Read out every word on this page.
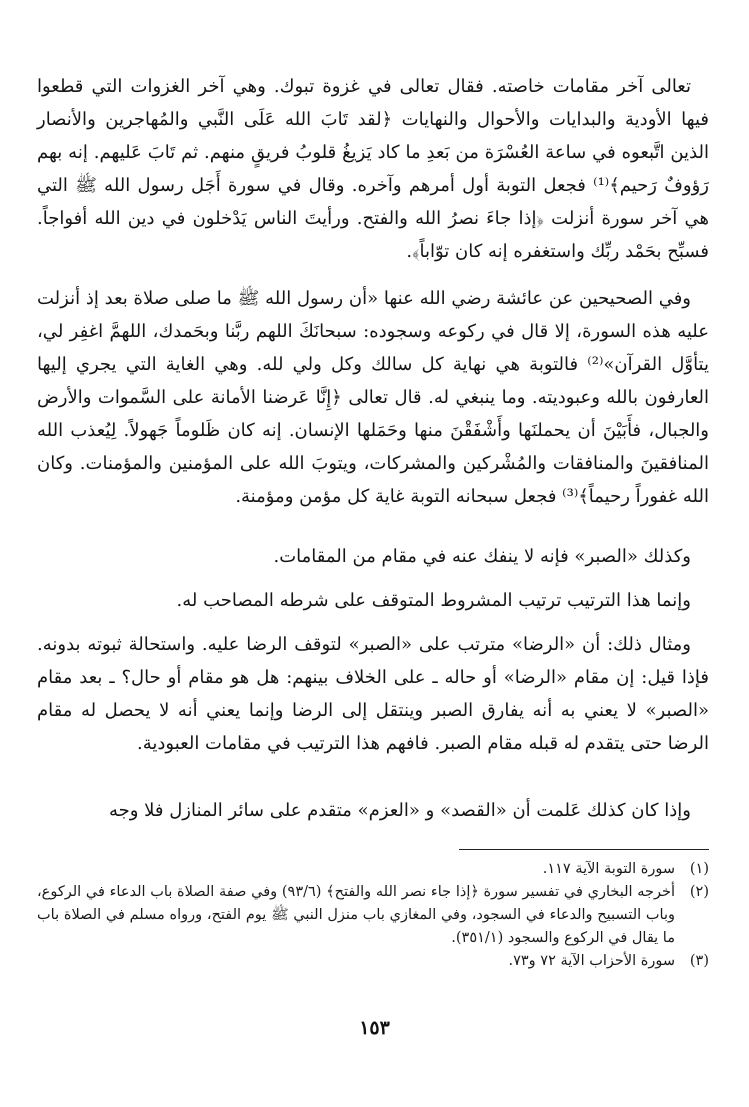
تعالى آخر مقامات خاصته. فقال تعالى في غزوة تبوك. وهي آخر الغزوات التي قطعوا فيها الأودية والبدايات والأحوال والنهايات ﴿لقد تَابَ الله عَلَى النَّبي والمُهاجرين والأنصار الذين اتَّبعوه في ساعة العُسْرَة من بَعدِ ما كاد يَزيغُ قلوبُ فريقٍ منهم. ثم تَابَ عَليهم. إنه بهم رَؤوفٌ رَحيم﴾⁽¹⁾ فجعل التوبة أول أمرهم وآخره. وقال في سورة أَجَل رسول الله ﷺ التي هي آخر سورة أنزلت ﴿إذا جاءَ نصرُ الله والفتح. ورأيتَ الناس يَدْخلون في دين الله أفواجاً. فسبِّح بحَمْد ربِّك واستغفره إنه كان توّاباً﴾.

وفي الصحيحين عن عائشة رضي الله عنها «أن رسول الله ﷺ ما صلى صلاة بعد إذ أنزلت عليه هذه السورة، إلا قال في ركوعه وسجوده: سبحانَكَ اللهم ربَّنا وبحَمدك، اللهمَّ اغفِر لي، يتأوَّل القرآن»⁽²⁾ فالتوبة هي نهاية كل سالك وكل ولي لله. وهي الغاية التي يجري إليها العارفون بالله وعبوديته. وما ينبغي له. قال تعالى ﴿إِنَّا عَرضنا الأمانة على السَّموات والأرض والجبال، فأَبَيْنَ أن يحملنَها وأَشْفَقْنَ منها وحَمَلها الإنسان. إنه كان ظَلوماً جَهولاً. لِيُعذب الله المنافقينَ والمنافقات والمُشْركين والمشركات، ويتوبَ الله على المؤمنين والمؤمنات. وكان الله غفوراً رحيماً﴾⁽³⁾ فجعل سبحانه التوبة غاية كل مؤمن ومؤمنة.

وكذلك «الصبر» فإنه لا ينفك عنه في مقام من المقامات.

وإنما هذا الترتيب ترتيب المشروط المتوقف على شرطه المصاحب له.

ومثال ذلك: أن «الرضا» مترتب على «الصبر» لتوقف الرضا عليه. واستحالة ثبوته بدونه. فإذا قيل: إن مقام «الرضا» أو حاله ـ على الخلاف بينهم: هل هو مقام أو حال؟ ـ بعد مقام «الصبر» لا يعني به أنه يفارق الصبر وينتقل إلى الرضا وإنما يعني أنه لا يحصل له مقام الرضا حتى يتقدم له قبله مقام الصبر. فافهم هذا الترتيب في مقامات العبودية.

وإذا كان كذلك عَلمت أن «القصد» و «العزم» متقدم على سائر المنازل فلا وجه

(١)
سورة التوبة الآية ١١٧.

(٢)
أخرجه البخاري في تفسير سورة ﴿إذا جاء نصر الله والفتح﴾ (٩٣/٦) وفي صفة الصلاة باب الدعاء في الركوع، وباب التسبيح والدعاء في السجود، وفي المغازي باب منزل النبي ﷺ يوم الفتح، ورواه مسلم في الصلاة باب ما يقال في الركوع والسجود (٣٥١/١).

(٣)
سورة الأحزاب الآية ٧٢ و٧٣.

١٥٣
